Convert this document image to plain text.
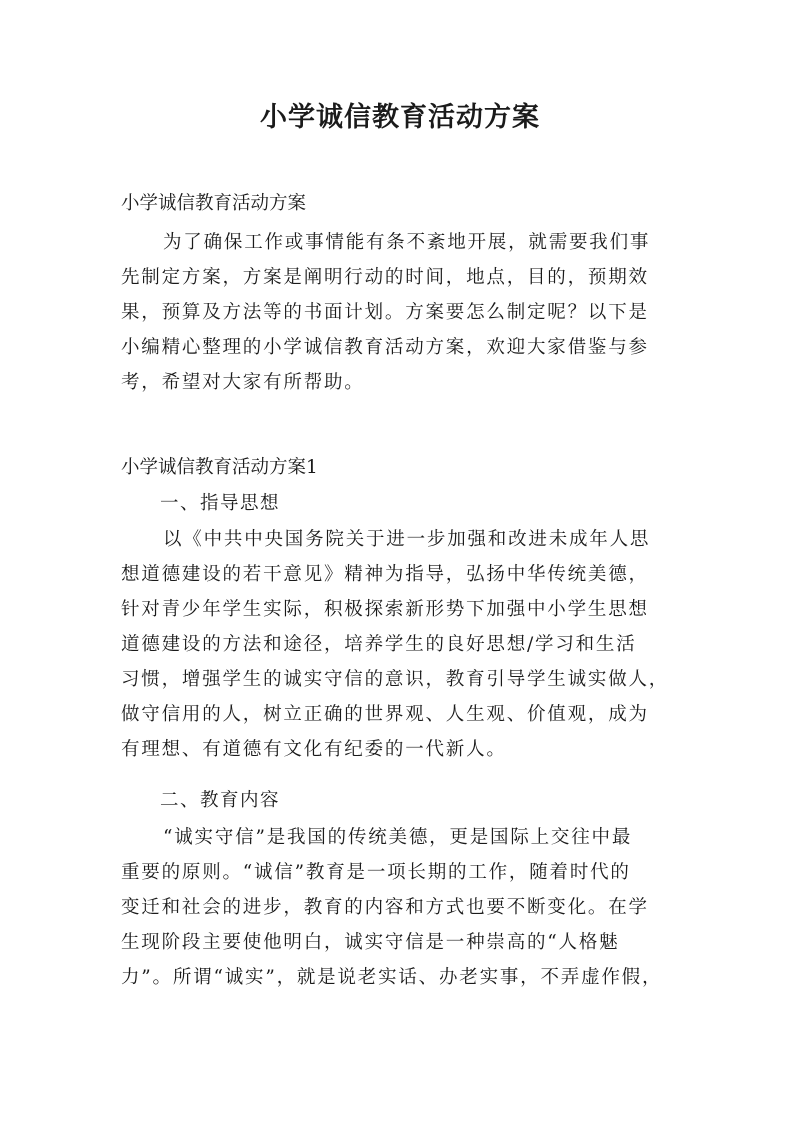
小学诚信教育活动方案

小学诚信教育活动方案

为了确保工作或事情能有条不紊地开展，就需要我们事
先制定方案，方案是阐明行动的时间，地点，目的，预期效
果，预算及方法等的书面计划。方案要怎么制定呢？以下是
小编精心整理的小学诚信教育活动方案，欢迎大家借鉴与参
考，希望对大家有所帮助。

小学诚信教育活动方案1

一、指导思想

以《中共中央国务院关于进一步加强和改进未成年人思
想道德建设的若干意见》精神为指导，弘扬中华传统美德，
针对青少年学生实际，积极探索新形势下加强中小学生思想
道德建设的方法和途径，培养学生的良好思想/学习和生活
习惯，增强学生的诚实守信的意识，教育引导学生诚实做人，
做守信用的人，树立正确的世界观、人生观、价值观，成为
有理想、有道德有文化有纪委的一代新人。

二、教育内容

“诚实守信”是我国的传统美德，更是国际上交往中最
重要的原则。“诚信”教育是一项长期的工作，随着时代的
变迁和社会的进步，教育的内容和方式也要不断变化。在学
生现阶段主要使他明白，诚实守信是一种崇高的“人格魅
力”。所谓“诚实”，就是说老实话、办老实事，不弄虚作假，
